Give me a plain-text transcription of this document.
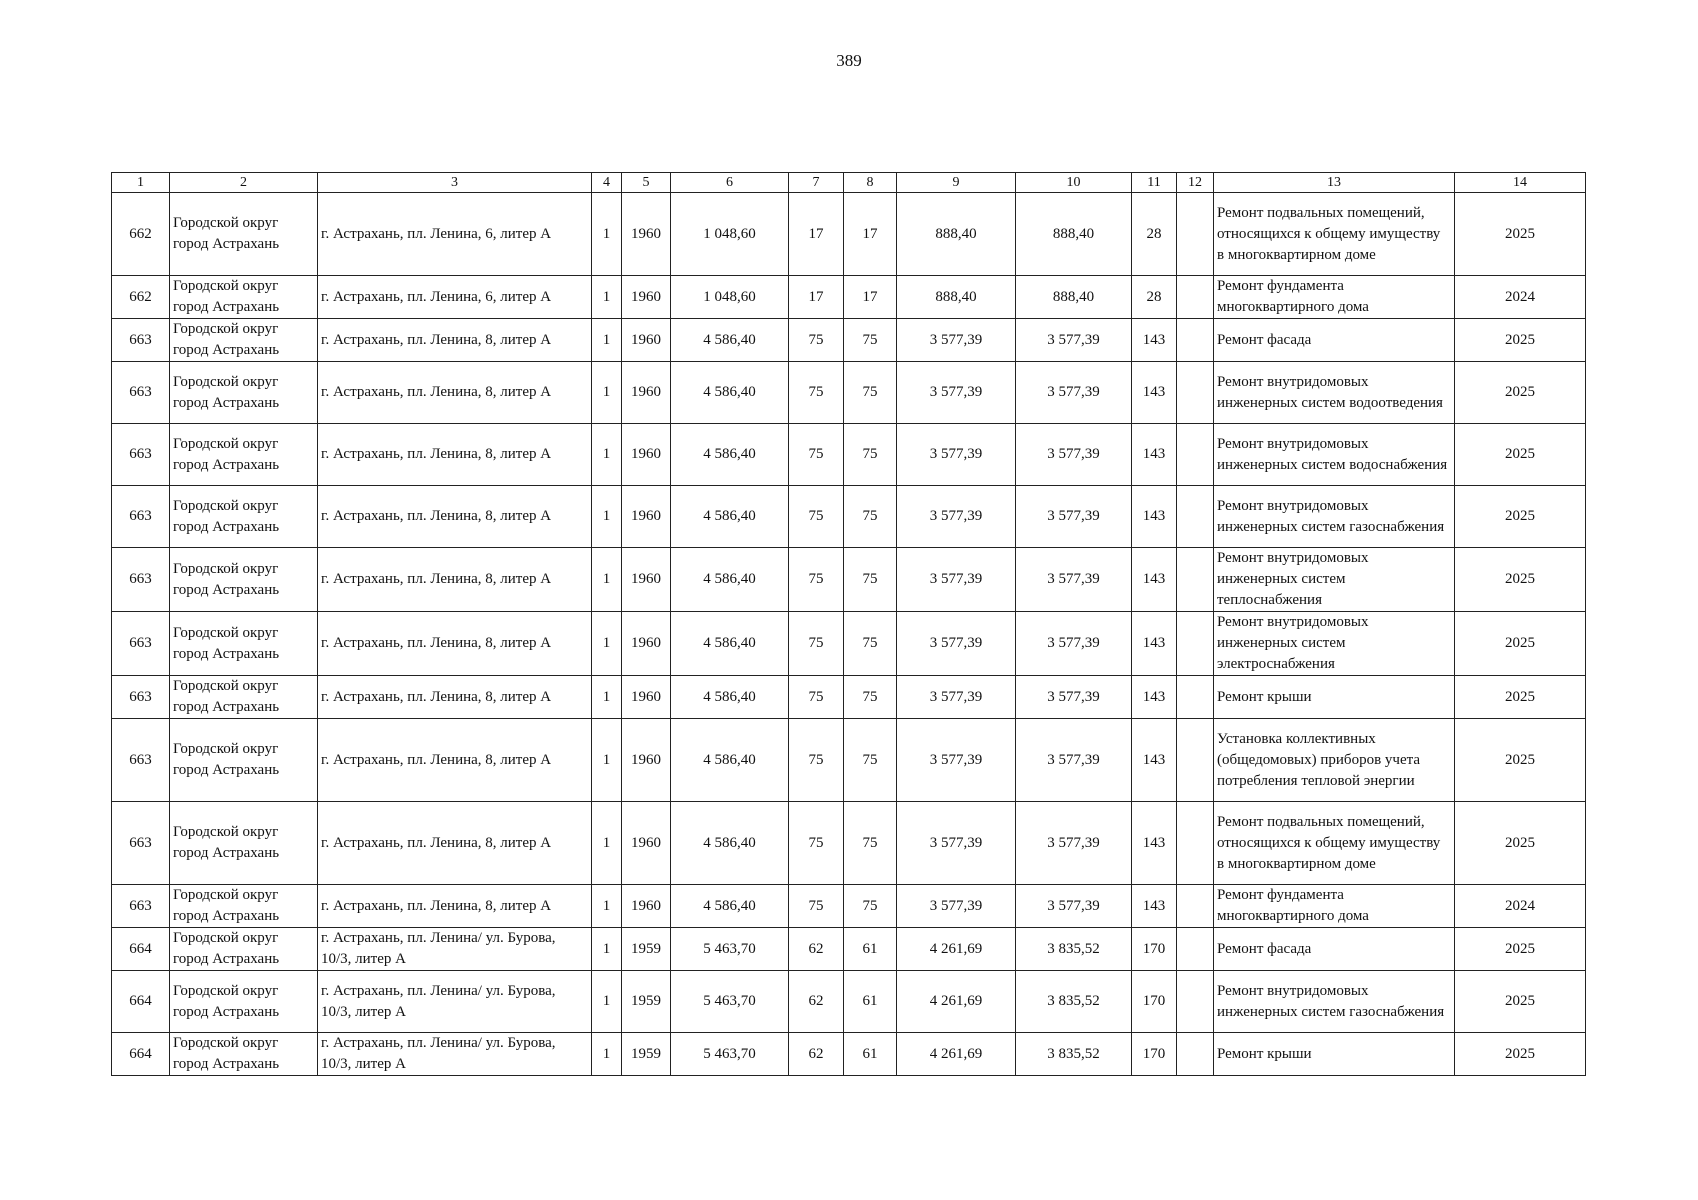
389
1	2	3	4	5	6	7	8	9	10	11	12	13	14
662	Городской округ город Астрахань	г. Астрахань, пл. Ленина, 6, литер А	1	1960	1 048,60	17	17	888,40	888,40	28		Ремонт подвальных помещений, относящихся к общему имуществу в многоквартирном доме	2025
662	Городской округ город Астрахань	г. Астрахань, пл. Ленина, 6, литер А	1	1960	1 048,60	17	17	888,40	888,40	28		Ремонт фундамента многоквартирного дома	2024
663	Городской округ город Астрахань	г. Астрахань, пл. Ленина, 8, литер А	1	1960	4 586,40	75	75	3 577,39	3 577,39	143		Ремонт фасада	2025
663	Городской округ город Астрахань	г. Астрахань, пл. Ленина, 8, литер А	1	1960	4 586,40	75	75	3 577,39	3 577,39	143		Ремонт внутридомовых инженерных систем водоотведения	2025
663	Городской округ город Астрахань	г. Астрахань, пл. Ленина, 8, литер А	1	1960	4 586,40	75	75	3 577,39	3 577,39	143		Ремонт внутридомовых инженерных систем водоснабжения	2025
663	Городской округ город Астрахань	г. Астрахань, пл. Ленина, 8, литер А	1	1960	4 586,40	75	75	3 577,39	3 577,39	143		Ремонт внутридомовых инженерных систем газоснабжения	2025
663	Городской округ город Астрахань	г. Астрахань, пл. Ленина, 8, литер А	1	1960	4 586,40	75	75	3 577,39	3 577,39	143		Ремонт внутридомовых инженерных систем теплоснабжения	2025
663	Городской округ город Астрахань	г. Астрахань, пл. Ленина, 8, литер А	1	1960	4 586,40	75	75	3 577,39	3 577,39	143		Ремонт внутридомовых инженерных систем электроснабжения	2025
663	Городской округ город Астрахань	г. Астрахань, пл. Ленина, 8, литер А	1	1960	4 586,40	75	75	3 577,39	3 577,39	143		Ремонт крыши	2025
663	Городской округ город Астрахань	г. Астрахань, пл. Ленина, 8, литер А	1	1960	4 586,40	75	75	3 577,39	3 577,39	143		Установка коллективных (общедомовых) приборов учета потребления тепловой энергии	2025
663	Городской округ город Астрахань	г. Астрахань, пл. Ленина, 8, литер А	1	1960	4 586,40	75	75	3 577,39	3 577,39	143		Ремонт подвальных помещений, относящихся к общему имуществу в многоквартирном доме	2025
663	Городской округ город Астрахань	г. Астрахань, пл. Ленина, 8, литер А	1	1960	4 586,40	75	75	3 577,39	3 577,39	143		Ремонт фундамента многоквартирного дома	2024
664	Городской округ город Астрахань	г. Астрахань, пл. Ленина/ ул. Бурова, 10/3, литер А	1	1959	5 463,70	62	61	4 261,69	3 835,52	170		Ремонт фасада	2025
664	Городской округ город Астрахань	г. Астрахань, пл. Ленина/ ул. Бурова, 10/3, литер А	1	1959	5 463,70	62	61	4 261,69	3 835,52	170		Ремонт внутридомовых инженерных систем газоснабжения	2025
664	Городской округ город Астрахань	г. Астрахань, пл. Ленина/ ул. Бурова, 10/3, литер А	1	1959	5 463,70	62	61	4 261,69	3 835,52	170		Ремонт крыши	2025
